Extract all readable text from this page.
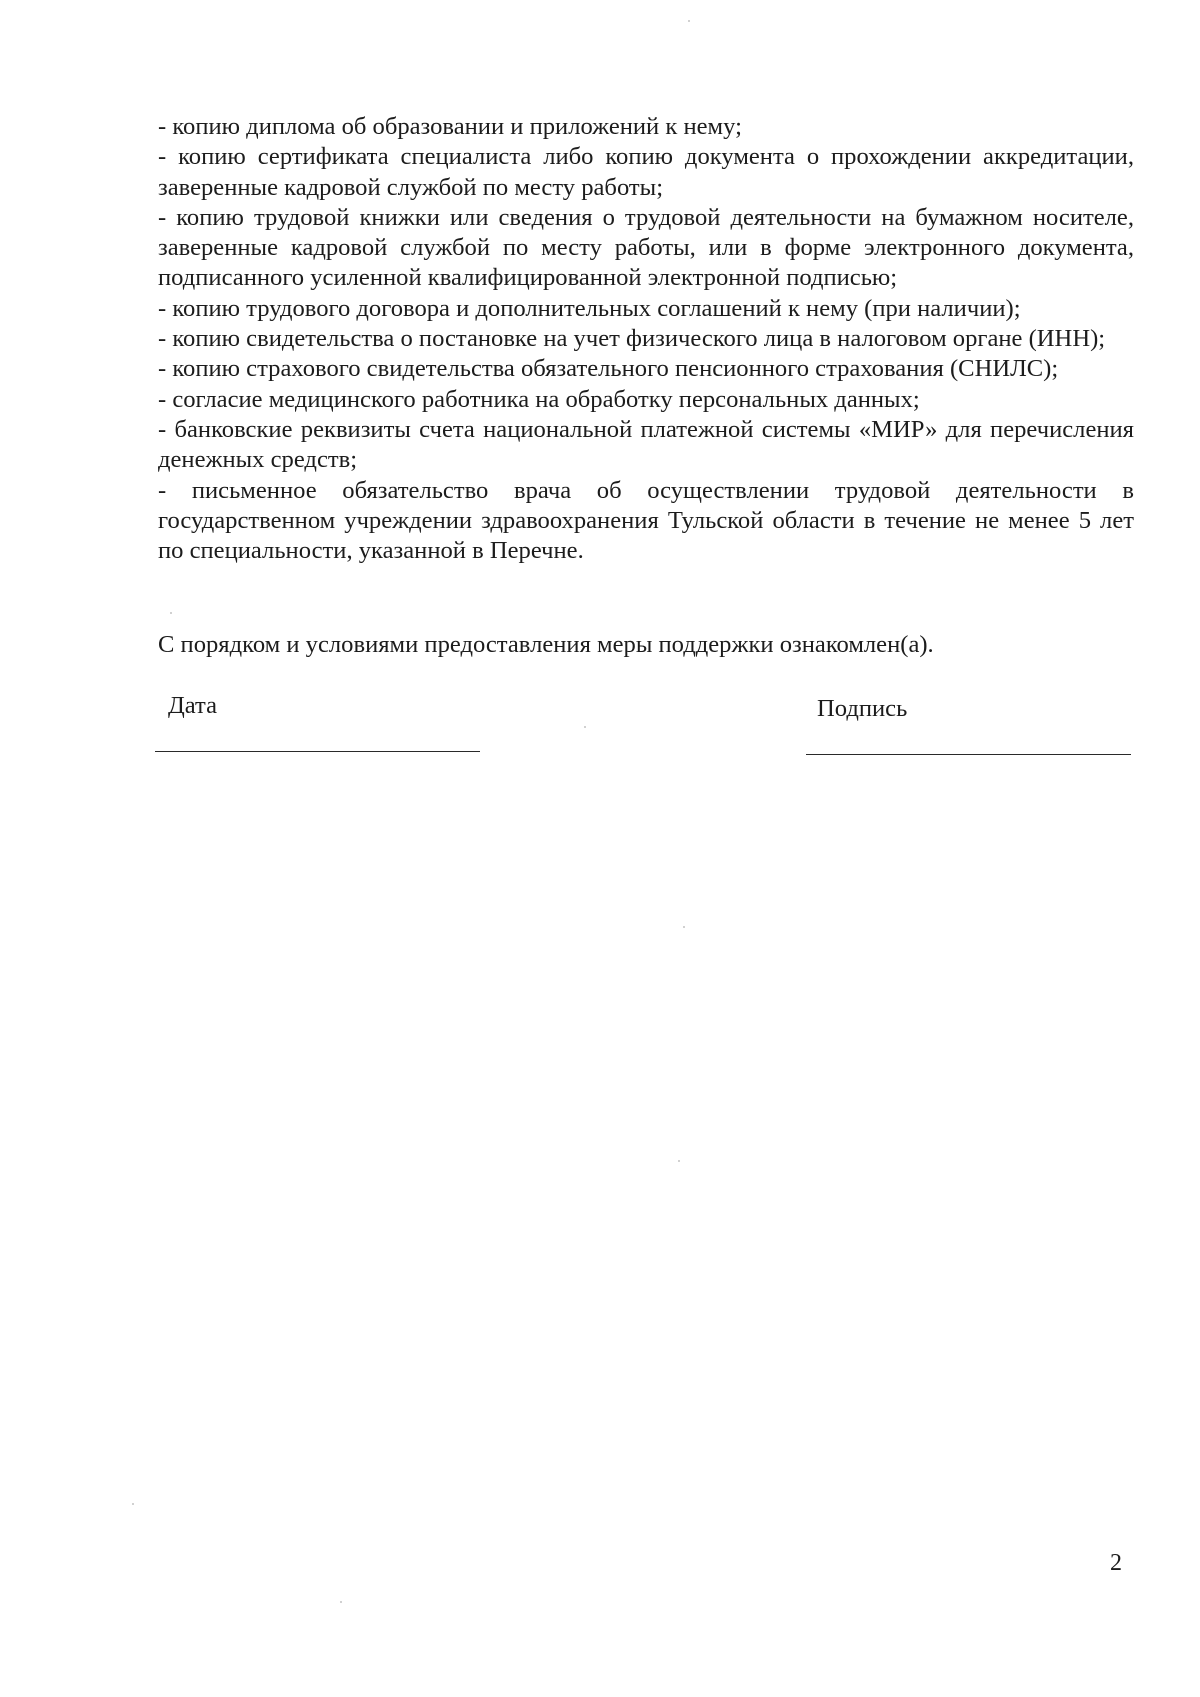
- копию диплома об образовании и приложений к нему;
- копию сертификата специалиста либо копию документа о прохождении аккредитации, заверенные кадровой службой по месту работы;
- копию трудовой книжки или сведения о трудовой деятельности на бумажном носителе, заверенные кадровой службой по месту работы, или в форме электронного документа, подписанного усиленной квалифицированной электронной подписью;
- копию трудового договора и дополнительных соглашений к нему (при наличии);
- копию свидетельства о постановке на учет физического лица в налоговом органе (ИНН);
- копию страхового свидетельства обязательного пенсионного страхования (СНИЛС);
- согласие медицинского работника на обработку персональных данных;
- банковские реквизиты счета национальной платежной системы «МИР» для перечисления денежных средств;
- письменное обязательство врача об осуществлении трудовой деятельности в государственном учреждении здравоохранения Тульской области в течение не менее 5 лет по специальности, указанной в Перечне.

С порядком и условиями предоставления меры поддержки ознакомлен(а).

Дата	Подпись
2
